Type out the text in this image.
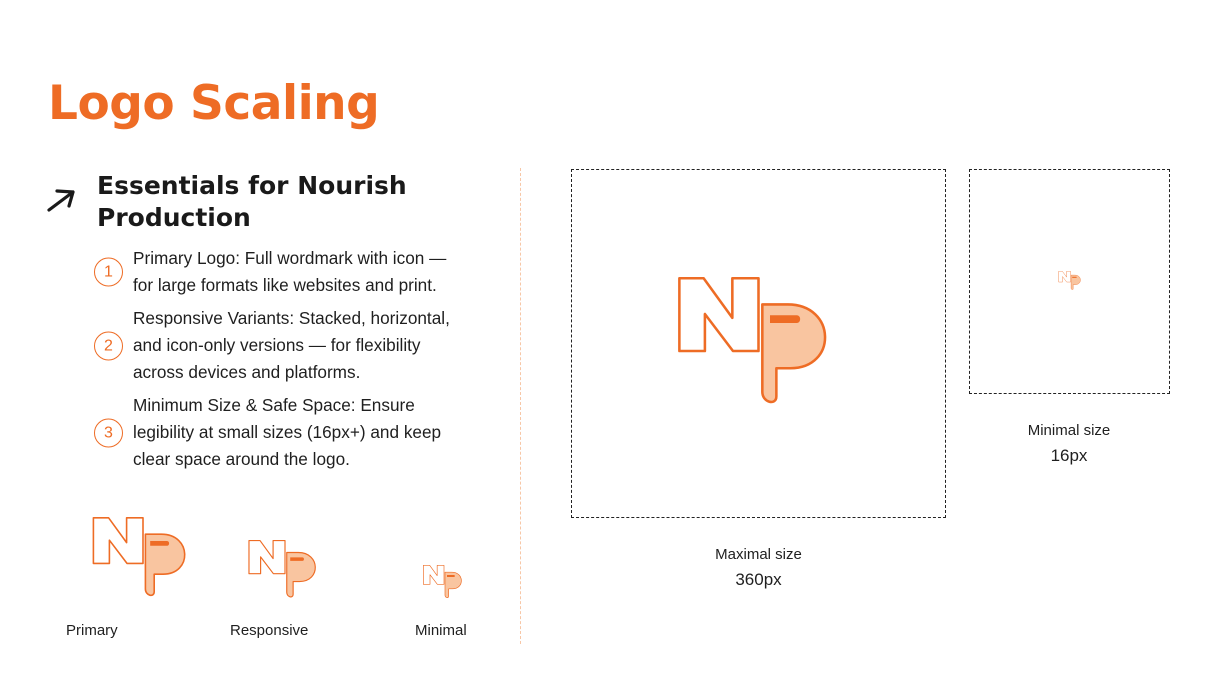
Logo Scaling
Essentials for Nourish Production
1
Primary Logo: Full wordmark with icon — for large formats like websites and print.
2
Responsive Variants: Stacked, horizontal, and icon-only versions — for flexibility across devices and platforms.
3
Minimum Size & Safe Space: Ensure legibility at small sizes (16px+) and keep clear space around the logo.
Primary	Responsive	Minimal
Maximal size
360px
Minimal size
16px
